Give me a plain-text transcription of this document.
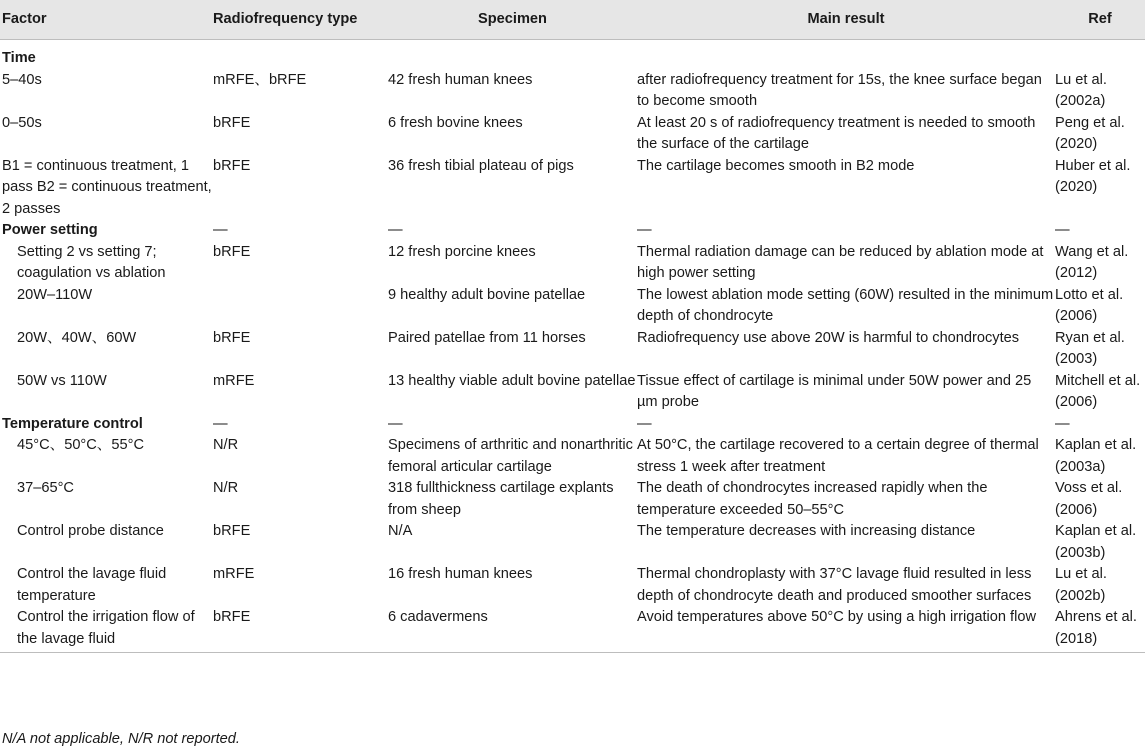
Factor	Radiofrequency type	Specimen	Main result	Ref
Time				
5–40s	mRFE、bRFE	42 fresh human knees	after radiofrequency treatment for 15s, the knee surface began to become smooth	Lu et al. (2002a)
0–50s	bRFE	6 fresh bovine knees	At least 20 s of radiofrequency treatment is needed to smooth the surface of the cartilage	Peng et al. (2020)
B1 = continuous treatment, 1 pass B2 = continuous treatment, 2 passes	bRFE	36 fresh tibial plateau of pigs	The cartilage becomes smooth in B2 mode	Huber et al. (2020)
Power setting	—	—	—	—
Setting 2 vs setting 7; coagulation vs ablation	bRFE	12 fresh porcine knees	Thermal radiation damage can be reduced by ablation mode at high power setting	Wang et al. (2012)
20W–110W		9 healthy adult bovine patellae	The lowest ablation mode setting (60W) resulted in the minimum depth of chondrocyte	Lotto et al. (2006)
20W、40W、60W	bRFE	Paired patellae from 11 horses	Radiofrequency use above 20W is harmful to chondrocytes	Ryan et al. (2003)
50W vs 110W	mRFE	13 healthy viable adult bovine patellae	Tissue effect of cartilage is minimal under 50W power and 25 µm probe	Mitchell et al. (2006)
Temperature control	—	—	—	—
45°C、50°C、55°C	N/R	Specimens of arthritic and nonarthritic femoral articular cartilage	At 50°C, the cartilage recovered to a certain degree of thermal stress 1 week after treatment	Kaplan et al. (2003a)
37–65°C	N/R	318 fullthickness cartilage explants from sheep	The death of chondrocytes increased rapidly when the temperature exceeded 50–55°C	Voss et al. (2006)
Control probe distance	bRFE	N/A	The temperature decreases with increasing distance	Kaplan et al. (2003b)
Control the lavage fluid temperature	mRFE	16 fresh human knees	Thermal chondroplasty with 37°C lavage fluid resulted in less depth of chondrocyte death and produced smoother surfaces	Lu et al. (2002b)
Control the irrigation flow of the lavage fluid	bRFE	6 cadavermens	Avoid temperatures above 50°C by using a high irrigation flow	Ahrens et al. (2018)
N/A not applicable, N/R not reported.
